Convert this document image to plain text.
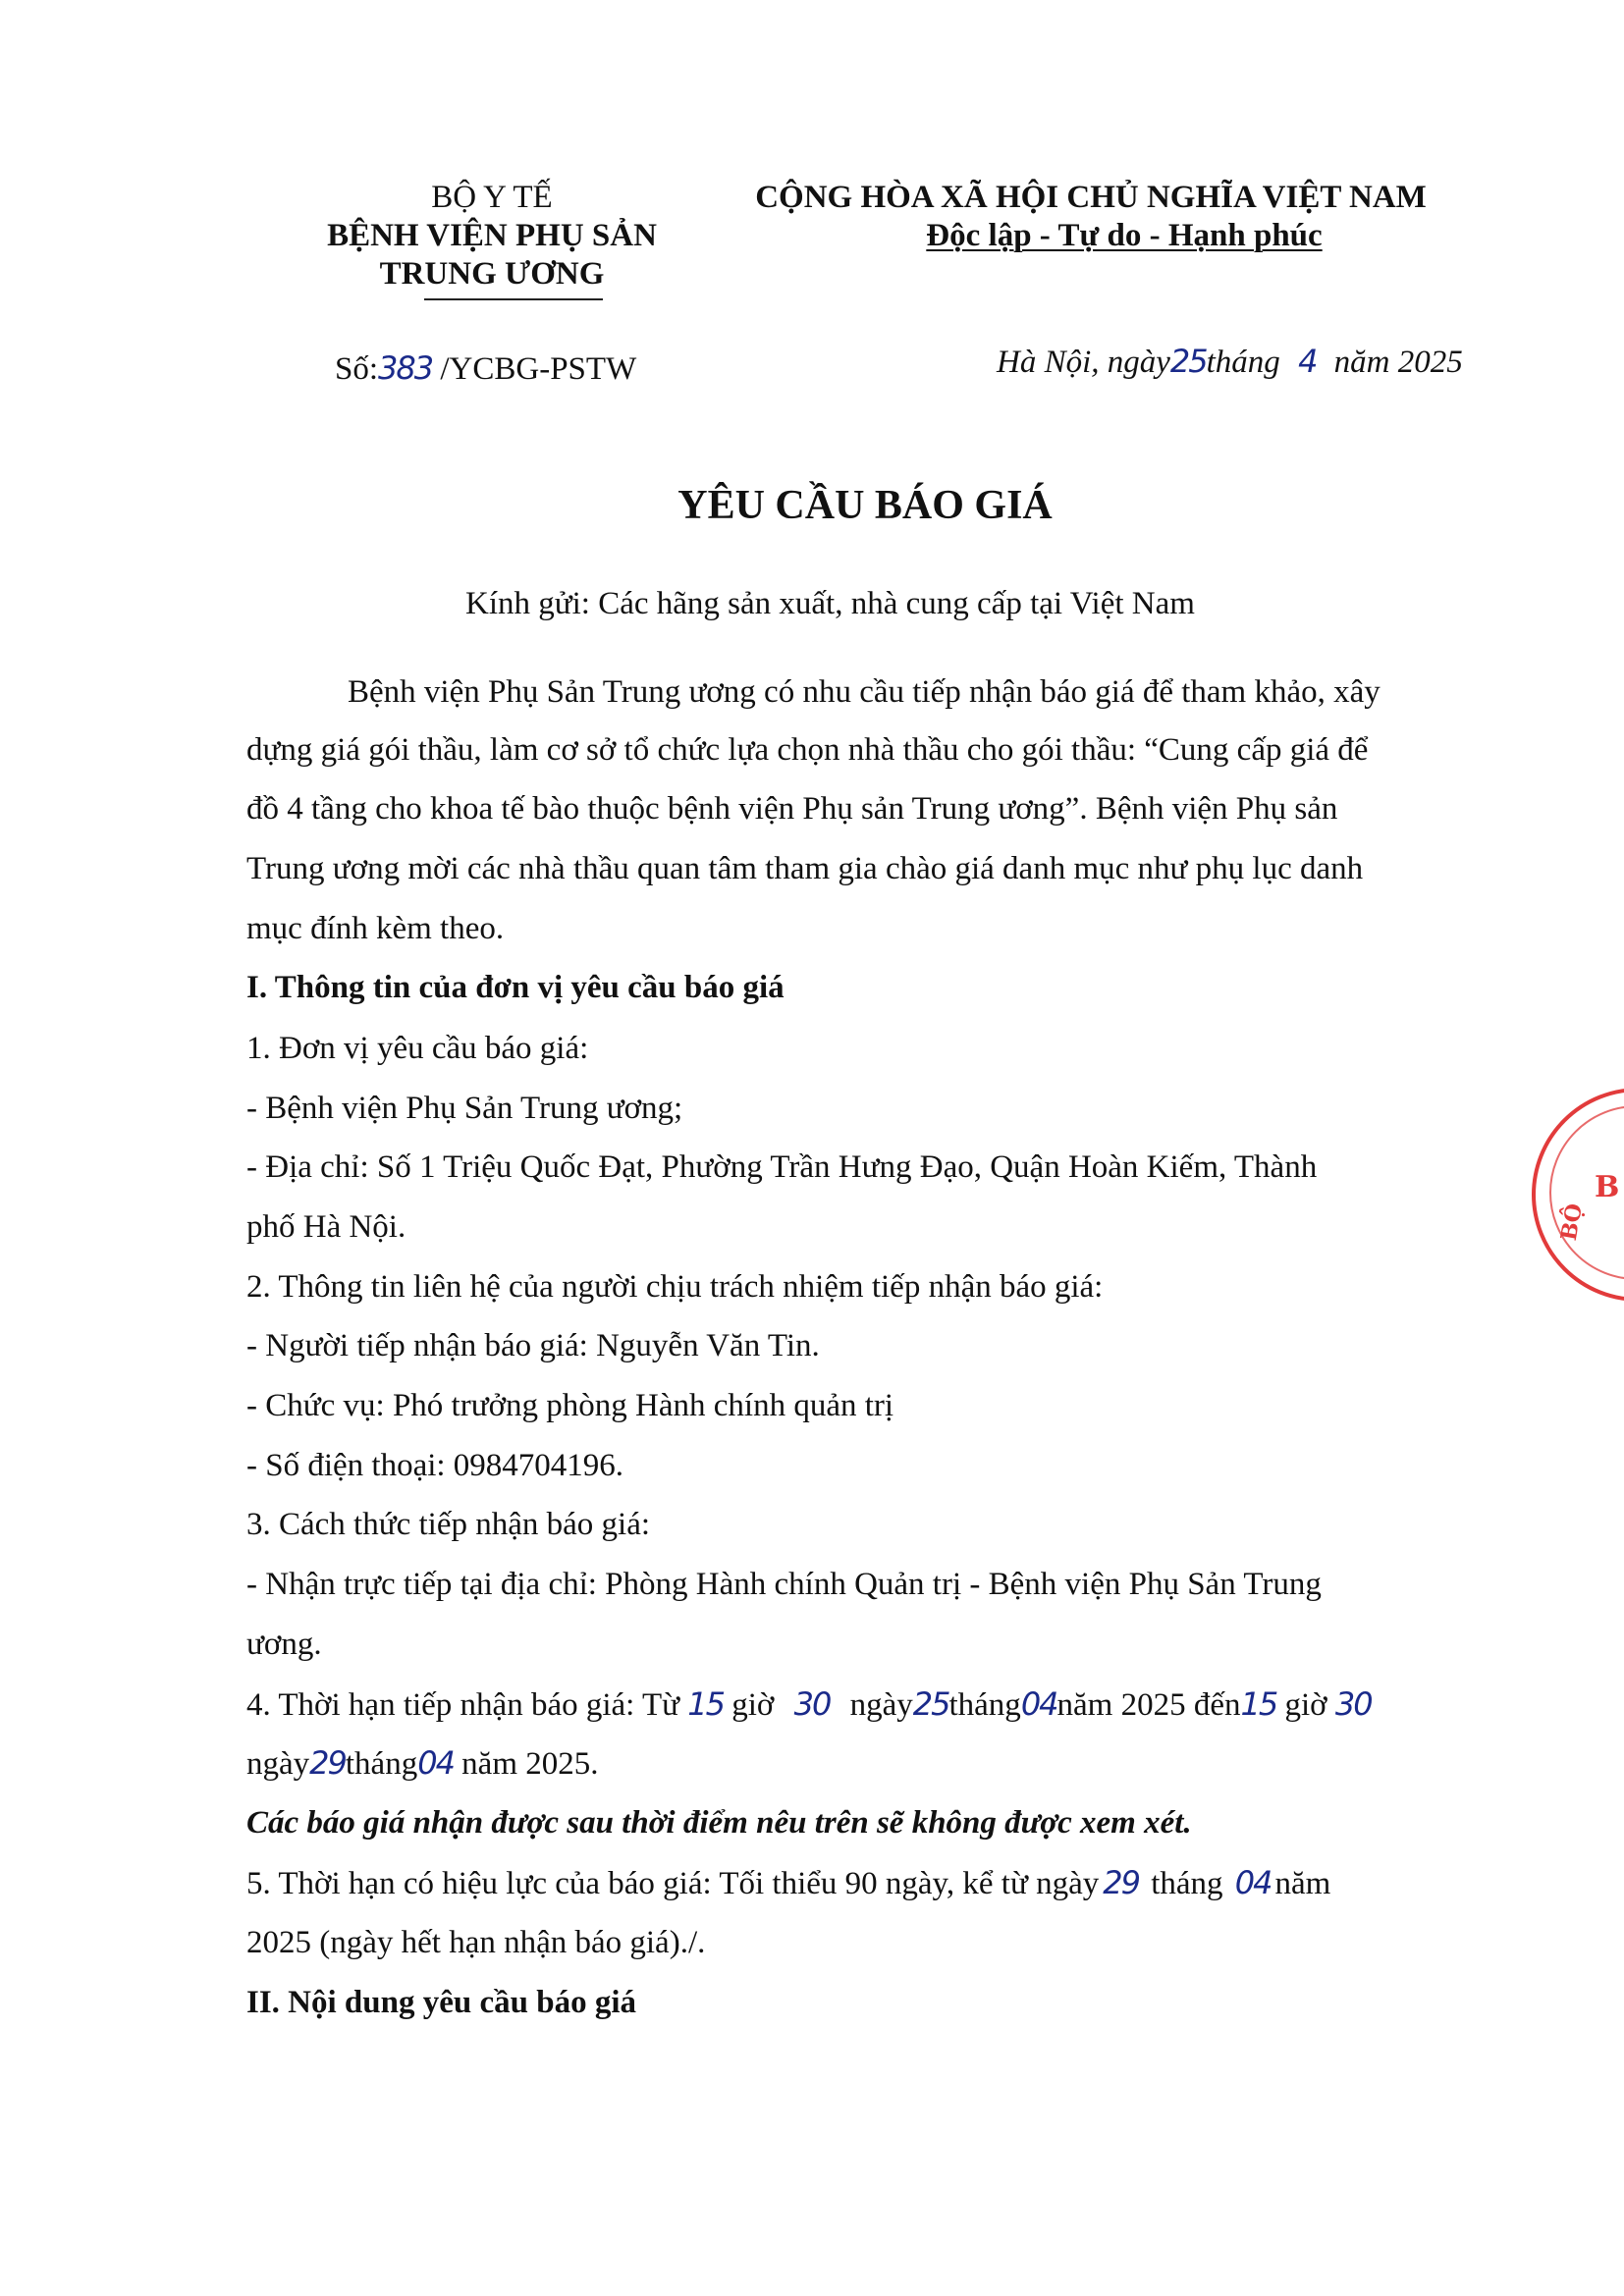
BỘ Y TẾ
BỆNH VIỆN PHỤ SẢN
TRUNG ƯƠNG
CỘNG HÒA XÃ HỘI CHỦ NGHĨA VIỆT NAM
Độc lập - Tự do - Hạnh phúc
Số:383 /YCBG-PSTW	Hà Nội, ngày25tháng 4 năm 2025
YÊU CẦU BÁO GIÁ
Kính gửi: Các hãng sản xuất, nhà cung cấp tại Việt Nam
Bệnh viện Phụ Sản Trung ương có nhu cầu tiếp nhận báo giá để tham khảo, xây
dựng giá gói thầu, làm cơ sở tổ chức lựa chọn nhà thầu cho gói thầu: “Cung cấp giá để
đồ 4 tầng cho khoa tế bào thuộc bệnh viện Phụ sản Trung ương”. Bệnh viện Phụ sản
Trung ương mời các nhà thầu quan tâm tham gia chào giá danh mục như phụ lục danh
mục đính kèm theo.
I. Thông tin của đơn vị yêu cầu báo giá
1. Đơn vị yêu cầu báo giá:
- Bệnh viện Phụ Sản Trung ương;
- Địa chỉ: Số 1 Triệu Quốc Đạt, Phường Trần Hưng Đạo, Quận Hoàn Kiếm, Thành
phố Hà Nội.
2. Thông tin liên hệ của người chịu trách nhiệm tiếp nhận báo giá:
- Người tiếp nhận báo giá: Nguyễn Văn Tin.
- Chức vụ: Phó trưởng phòng Hành chính quản trị
- Số điện thoại: 0984704196.
3. Cách thức tiếp nhận báo giá:
- Nhận trực tiếp tại địa chỉ: Phòng Hành chính Quản trị - Bệnh viện Phụ Sản Trung
ương.
4. Thời hạn tiếp nhận báo giá: Từ 15 giờ 30 ngày25tháng04năm 2025 đến15 giờ 30
ngày29tháng04 năm 2025.
Các báo giá nhận được sau thời điểm nêu trên sẽ không được xem xét.
5. Thời hạn có hiệu lực của báo giá: Tối thiểu 90 ngày, kể từ ngày 29 tháng 04 năm
2025 (ngày hết hạn nhận báo giá)./.
II. Nội dung yêu cầu báo giá
B
BỘ
